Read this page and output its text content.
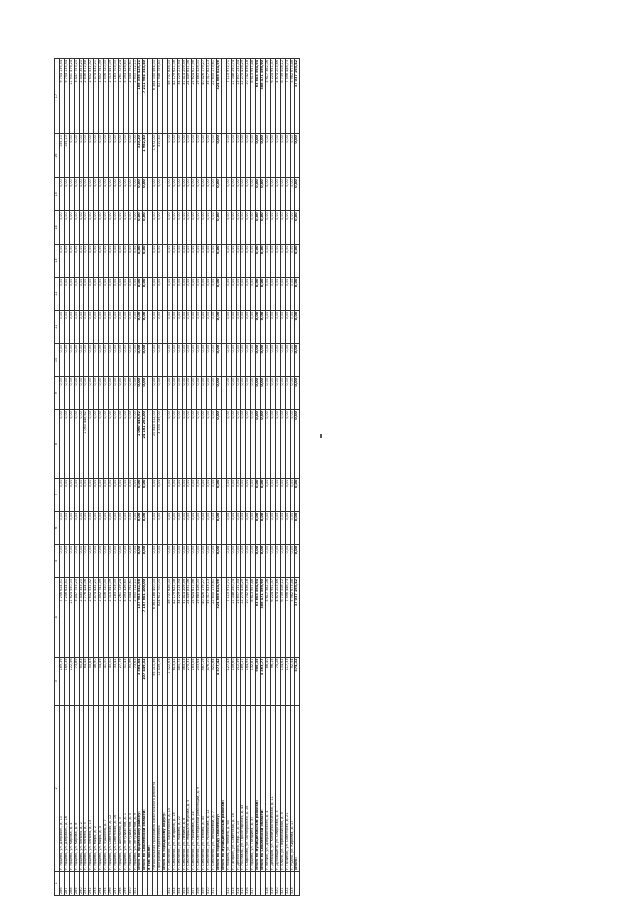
1	2	3	4	5	6	7	8	9	10	11	12	13	14	15	16	17
286	г. Ярцево, ул. Дзержин., д. 10	169,39	7 256 624,51	0,00	0,00	0,00	0,00	0,00	0,00	0,00	0,00	0,00	0,00	0,00	155,10	9 754 135,54
287	г. Ярцево, ул. Дзержин., д. 16	169,39	7 256 624,51	0,00	0,00	0,00	0,00	0,00	0,00	0,00	0,00	0,00	0,00	0,00	155,10	9 754 135,54
288	г. Ярцево, ул. Кирова, д. 4	122,56	11 624 550,00	0,00	0,00	0,00	0,00	0,00	0,00	0,00	0,00	0,00	0,00	0,00	0,00	11 931 476,24
289	г. Ярцево, ул. Кирова, д. 8	73,89	3 447 753,20	0,00	0,00	0,00	0,00	0,00	0,00	0,00	0,00	0,00	0,00	0,00	0,00	3 447 753,20
290	г. Ярцево, ул. Ленина, д. 2	90,83	2 445 353,20	0,00	0,00	0,00	0,00	0,00	0,00	0,00	0,00	0,00	0,00	0,00	0,00	2 445 353,20
291	г. Ярцево, ул. Ленина, д. 5	64,45	1 776 424,06	0,00	0,00	0,00	1 060 448,62	0,00	0,00	0,00	0,00	0,00	0,00	0,00	0,00	2 836 872,68
292	г. Ярцево, ул. Ленина, д. 13	55,83	2 632 531,32	0,00	0,00	0,00	0,00	0,00	0,00	0,00	0,00	0,00	0,00	0,00	0,00	2 632 531,32
293	г. Ярцево, ул. Мира, д. 2	46,90	1 474 432,21	0,00	0,00	0,00	0,00	0,00	0,00	0,00	0,00	0,00	0,00	0,00	0,00	1 474 432,21
294	г. Ярцево, ул. Мира, д. 4	54,49	1 452 741,39	0,00	0,00	0,00	0,00	0,00	0,00	0,00	0,00	0,00	0,00	0,00	0,00	1 452 741,39
295	г. Ярцево, ул. Пушкина, д. 7	41,00	1 506 720,00	0,00	0,00	0,00	0,00	0,00	0,00	0,00	0,00	0,00	0,00	0,00	0,00	1 506 720,00
296	г. Ярцево, ул. Советская, д. 12	40,00	2 015 541,09	0,00	0,00	0,00	0,00	0,00	0,00	0,00	0,00	0,00	0,00	0,00	0,00	2 015 541,09
297	г. Ярцево, ул. Советская, д. 16	33,41	1 183 703,00	0,00	0,00	0,00	0,00	0,00	0,00	0,00	0,00	0,00	0,00	0,00	0,00	1 183 703,00
298	г. Ярцево, ул. Школьная, д. 3	27,79	1 261 729,24	0,00	0,00	0,00	0,00	0,00	0,00	0,00	0,00	0,00	0,00	0,00	0,00	1 261 729,24
299	г. Ярцево, ул. Энтузиастов, д. 1	51,43	5 093 326,60	0,00	0,00	0,00	0,00	0,00	0,00	0,00	0,00	0,00	0,00	0,00	0,00	5 093 326,60
300	г. Ярцево, ул. Энтузиастов, д. 5	90,96	2 544 792,61	0,00	0,00	0,00	0,00	0,00	0,00	0,00	0,00	0,00	0,00	0,00	0,00	2 544 792,61
301	г. Ярцево, ул. Энтузиастов, д. 9	73,63	2 900 712,11	0,00	0,00	0,00	0,00	0,00	0,00	0,00	0,00	0,00	0,00	0,00	0,00	2 900 712,11
	Итого по Ярцевскому району:	3 564,84	157 983 541,68	0,00	0,00	0,00	1 060 448,62	0,00	0,00	0,00	0,00	0,00	0,00	0,00	310,20	168 556 425,21
	Итого по Смоленской области:	107 449,52	7 187 801 100,00	0,00	0,00	0,00	24 181 261,00	0,00	0,00	0,00	0,00	0,00	0,00	0,00	1 982,40	7 211 984 343,40
	в том числе:															
	Региональная программа капитального ремонта	95 010,36	6 363 188 400,00	0,00	0,00	0,00	20 845 512,00	0,00	0,00	0,00	0,00	0,00	0,00	0,00	1 672,00	6 384 035 584,00
	Программа переселения	12 439,16	824 612 700,00	0,00	0,00	0,00	3 335 749,00	0,00	0,00	0,00	0,00	0,00	0,00	0,00	310,40	827 948 759,40
	Итого по городскому округу:															
302	г. Смоленск, ул. Багратиона, д. 15	1 022,63	58 737 826,00	0,00	0,00	0,00	0,00	0,00	0,00	0,00	0,00	0,00	0,00	0,00	0,00	58 737 826,00
303	г. Смоленск, ул. Гагарина, д. 18	613,41	42 179 621,08	0,00	0,00	0,00	0,00	0,00	0,00	0,00	0,00	0,00	0,00	0,00	0,00	42 179 621,08
304	г. Смоленск, ул. Кирова, д. 22	480,72	34 229 215,94	0,00	0,00	0,00	0,00	0,00	0,00	0,00	0,00	0,00	0,00	0,00	0,00	34 229 215,94
305	г. Смоленск, ул. Ленина, д. 8	363,03	31 414 209,59	0,00	0,00	0,00	0,00	0,00	0,00	0,00	0,00	0,00	0,00	0,00	0,00	31 414 209,59
306	г. Смоленск, ул. Маршала Жукова, д. 5	275,31	24 449 831,36	0,00	0,00	0,00	0,00	0,00	0,00	0,00	0,00	0,00	0,00	0,00	0,00	24 449 831,36
307	г. Смоленск, ул. Нахимова, д. 24	183,55	15 624 617,98	0,00	0,00	0,00	0,00	0,00	0,00	0,00	0,00	0,00	0,00	0,00	0,00	15 624 617,98
308	г. Смоленск, ул. Октябрьской революции, д. 9	253,64	19 883 526,00	0,00	0,00	0,00	0,00	0,00	0,00	0,00	0,00	0,00	0,00	0,00	0,00	19 883 526,00
309	г. Смоленск, ул. Попова, д. 40	587,19	40 426 179,27	0,00	0,00	0,00	0,00	0,00	0,00	0,00	0,00	0,00	0,00	0,00	0,00	40 426 179,27
310	г. Смоленск, ул. Рыленкова, д. 12	476,10	35 317 823,13	0,00	0,00	0,00	0,00	0,00	0,00	0,00	0,00	0,00	0,00	0,00	0,00	35 317 823,13
311	г. Смоленск, ул. Тенишевой, д. 7	321,84	22 605 173,61	0,00	0,00	0,00	0,00	0,00	0,00	0,00	0,00	0,00	0,00	0,00	0,00	22 605 173,61
	Итого по городу Смоленску:	4 577,42	324 868 024,96	0,00	0,00	0,00	0,00	0,00	0,00	0,00	0,00	0,00	0,00	0,00	0,00	324 868 024,96
	Итого по муниципальным районам:															
312	г. Вязьма, ул. Ленина, д. 64	127,43	7 115 972,71	0,00	0,00	0,00	0,00	0,00	0,00	0,00	0,00	0,00	0,00	0,00	0,00	7 115 972,71
313	г. Гагарин, ул. Советская, д. 16	159,60	11 048 250,74	0,00	0,00	0,00	0,00	0,00	0,00	0,00	0,00	0,00	0,00	0,00	0,00	11 048 250,74
314	г. Десногорск, мкр. 2, д. 10	212,39	13 807 131,54	0,00	0,00	0,00	0,00	0,00	0,00	0,00	0,00	0,00	0,00	0,00	0,00	13 807 131,54
315	г. Рославль, ул. Пролетарская, д. 45	189,17	12 275 416,29	0,00	0,00	0,00	0,00	0,00	0,00	0,00	0,00	0,00	0,00	0,00	0,00	12 275 416,29
316	г. Сафоново, ул. Октябрьская, д. 28	164,95	10 742 836,18	0,00	0,00	0,00	0,00	0,00	0,00	0,00	0,00	0,00	0,00	0,00	0,00	10 742 836,18
317	г. Ярцево, ул. Гагарина, д. 37	132,81	8 613 957,48	0,00	0,00	0,00	0,00	0,00	0,00	0,00	0,00	0,00	0,00	0,00	0,00	8 613 957,48
	Итого по муниципальным районам:	986,35	63 603 564,94	0,00	0,00	0,00	0,00	0,00	0,00	0,00	0,00	0,00	0,00	0,00	0,00	63 603 564,94
	Итого по Смоленской области:	5 563,77	388 471 589,90	0,00	0,00	0,00	0,00	0,00	0,00	0,00	0,00	0,00	0,00	0,00	0,00	388 471 589,90
318	г. Велиж, ул. Дзержинского, д. 4	88,40	5 617 382,06	0,00	0,00	0,00	0,00	0,00	0,00	0,00	0,00	0,00	0,00	0,00	0,00	5 617 382,06
319	г. Демидов, ул. Коммунистическая, д. 11	96,15	6 224 951,37	0,00	0,00	0,00	0,00	0,00	0,00	0,00	0,00	0,00	0,00	0,00	0,00	6 224 951,37
320	г. Духовщина, ул. Смирнова, д. 3	75,28	4 874 203,66	0,00	0,00	0,00	0,00	0,00	0,00	0,00	0,00	0,00	0,00	0,00	0,00	4 874 203,66
321	г. Ельня, ул. Первомайская, д. 9	104,62	6 739 508,12	0,00	0,00	0,00	0,00	0,00	0,00	0,00	0,00	0,00	0,00	0,00	0,00	6 739 508,12
322	г. Починок, ул. Советская, д. 21	117,33	7 598 446,73	0,00	0,00	0,00	0,00	0,00	0,00	0,00	0,00	0,00	0,00	0,00	0,00	7 598 446,73
323	г. Рудня, ул. Киреева, д. 17	92,54	5 982 673,48	0,00	0,00	0,00	0,00	0,00	0,00	0,00	0,00	0,00	0,00	0,00	0,00	5 982 673,48
	Итого:	574,32	37 037 165,42	0,00	0,00	0,00	0,00	0,00	0,00	0,00	0,00	0,00	0,00	0,00	0,00	37 037 165,42
